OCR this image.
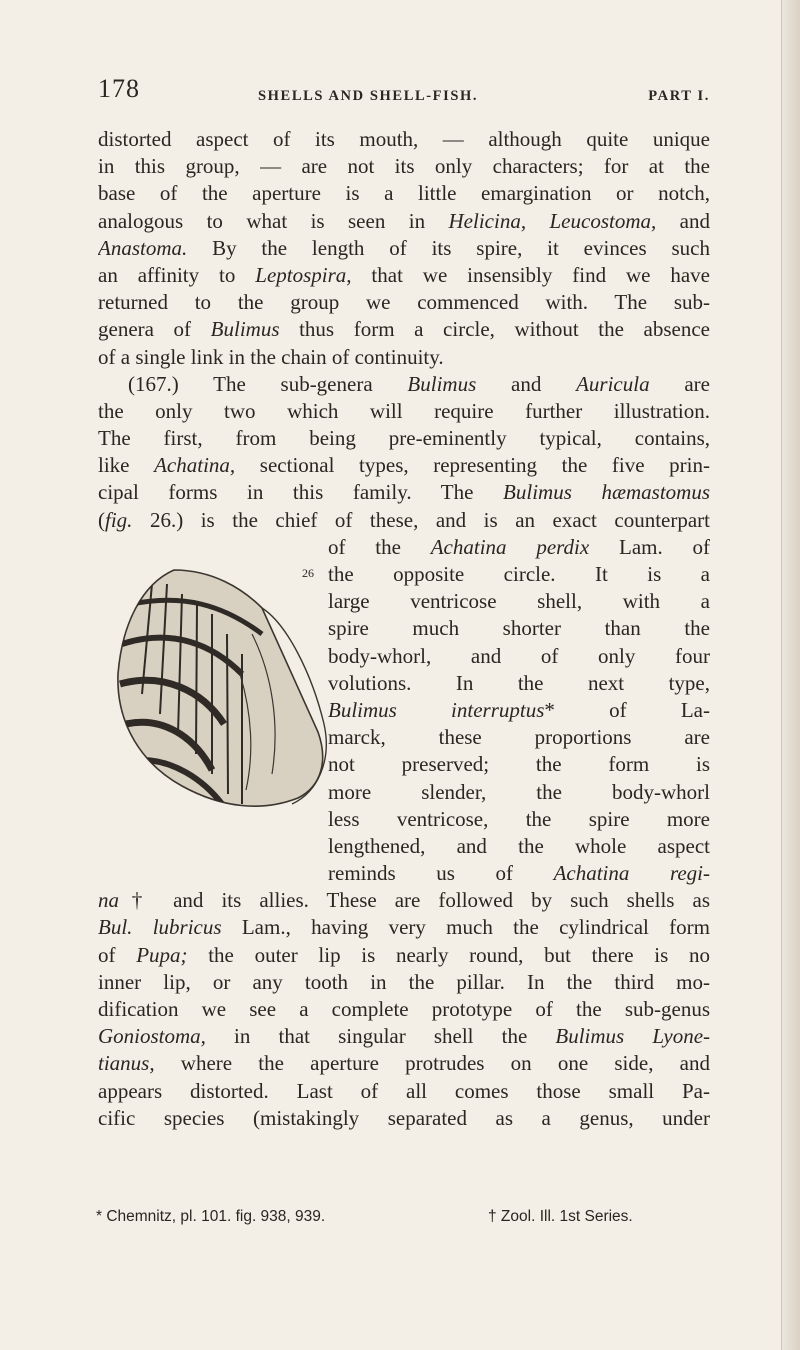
178	SHELLS AND SHELL-FISH.	PART I.
distorted aspect of its mouth, — although quite unique
in this group, — are not its only characters; for at the
base of the aperture is a little emargination or notch,
analogous to what is seen in Helicina, Leucostoma, and
Anastoma. By the length of its spire, it evinces such
an affinity to Leptospira, that we insensibly find we have
returned to the group we commenced with. The sub-
genera of Bulimus thus form a circle, without the absence
of a single link in the chain of continuity.
(167.) The sub-genera Bulimus and Auricula are
the only two which will require further illustration.
The first, from being pre-eminently typical, contains,
like Achatina, sectional types, representing the five prin-
cipal forms in this family. The Bulimus hæmastomus
(fig. 26.) is the chief of these, and is an exact counterpart
of the Achatina perdix Lam. of
the opposite circle. It is a
large ventricose shell, with a
spire much shorter than the
body-whorl, and of only four
volutions. In the next type,
Bulimus interruptus* of La-
marck, these proportions are
not preserved; the form is
more slender, the body-whorl
less ventricose, the spire more
lengthened, and the whole aspect
reminds us of Achatina regi-
na† and its allies. These are followed by such shells as
Bul. lubricus Lam., having very much the cylindrical form
of Pupa; the outer lip is nearly round, but there is no
inner lip, or any tooth in the pillar. In the third mo-
dification we see a complete prototype of the sub-genus
Goniostoma, in that singular shell the Bulimus Lyone-
tianus, where the aperture protrudes on one side, and
appears distorted. Last of all comes those small Pa-
cific species (mistakingly separated as a genus, under
26
* Chemnitz, pl. 101. fig. 938, 939.	† Zool. Ill. 1st Series.
